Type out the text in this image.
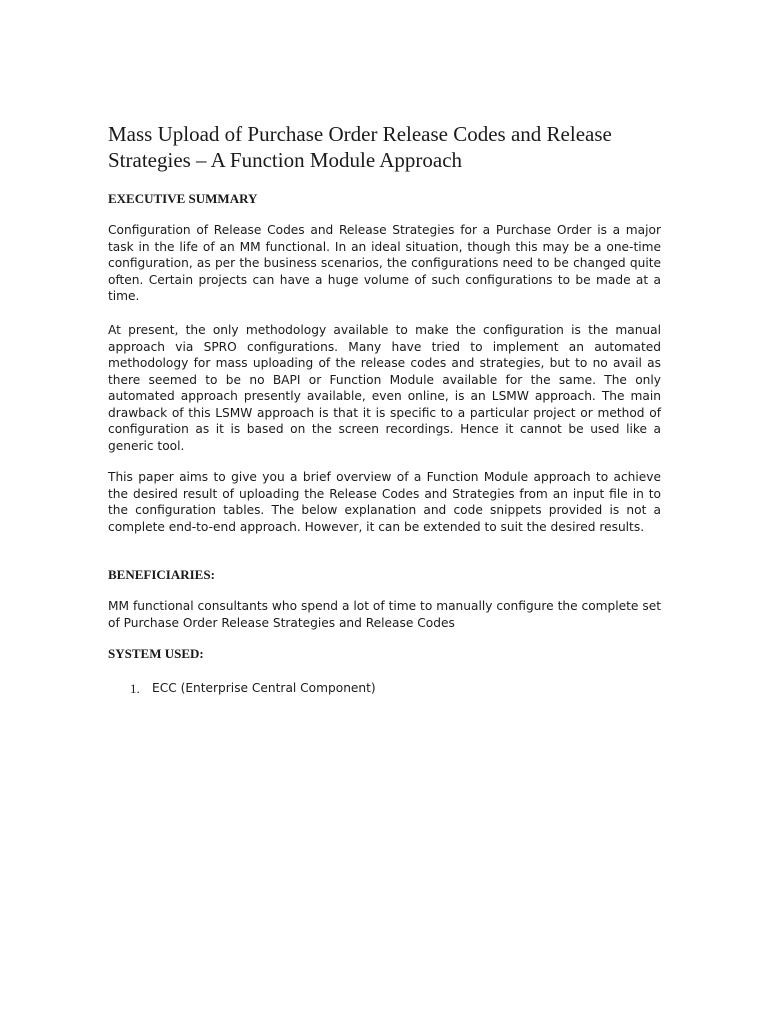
Mass Upload of Purchase Order Release Codes and Release Strategies – A Function Module Approach
EXECUTIVE SUMMARY

Configuration of Release Codes and Release Strategies for a Purchase Order is a major task in the life of an MM functional. In an ideal situation, though this may be a one-time configuration, as per the business scenarios, the configurations need to be changed quite often. Certain projects can have a huge volume of such configurations to be made at a time.

At present, the only methodology available to make the configuration is the manual approach via SPRO configurations. Many have tried to implement an automated methodology for mass uploading of the release codes and strategies, but to no avail as there seemed to be no BAPI or Function Module available for the same. The only automated approach presently available, even online, is an LSMW approach. The main drawback of this LSMW approach is that it is specific to a particular project or method of configuration as it is based on the screen recordings. Hence it cannot be used like a generic tool.

This paper aims to give you a brief overview of a Function Module approach to achieve the desired result of uploading the Release Codes and Strategies from an input file in to the configuration tables. The below explanation and code snippets provided is not a complete end-to-end approach. However, it can be extended to suit the desired results.

BENEFICIARIES:

MM functional consultants who spend a lot of time to manually configure the complete set of Purchase Order Release Strategies and Release Codes

SYSTEM USED:
1. ECC (Enterprise Central Component)
